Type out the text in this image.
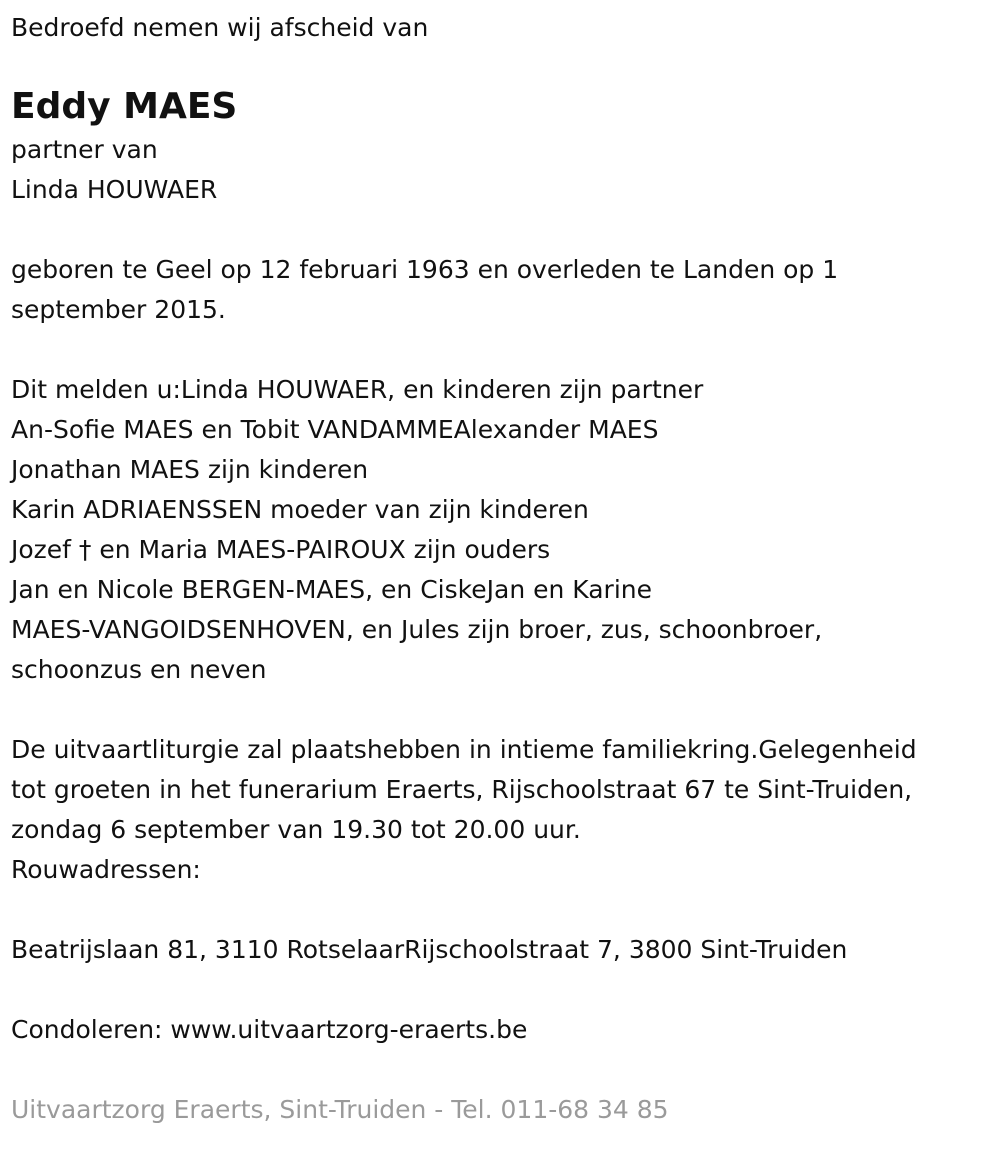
Bedroefd nemen wij afscheid van

Eddy MAES

partner van

Linda HOUWAER

geboren te Geel op 12 februari 1963 en overleden te Landen op 1

september 2015.

Dit melden u:Linda HOUWAER, en kinderen zijn partner

An-Sofie MAES en Tobit VANDAMMEAlexander MAES

Jonathan MAES zijn kinderen

Karin ADRIAENSSEN moeder van zijn kinderen

Jozef † en Maria MAES-PAIROUX zijn ouders

Jan en Nicole BERGEN-MAES, en CiskeJan en Karine

MAES-VANGOIDSENHOVEN, en Jules zijn broer, zus, schoonbroer,

schoonzus en neven

De uitvaartliturgie zal plaatshebben in intieme familiekring.Gelegenheid

tot groeten in het funerarium Eraerts, Rijschoolstraat 67 te Sint-Truiden,

zondag 6 september van 19.30 tot 20.00 uur.

Rouwadressen:

Beatrijslaan 81, 3110 RotselaarRijschoolstraat 7, 3800 Sint-Truiden

Condoleren: www.uitvaartzorg-eraerts.be

Uitvaartzorg Eraerts, Sint-Truiden - Tel. 011-68 34 85
